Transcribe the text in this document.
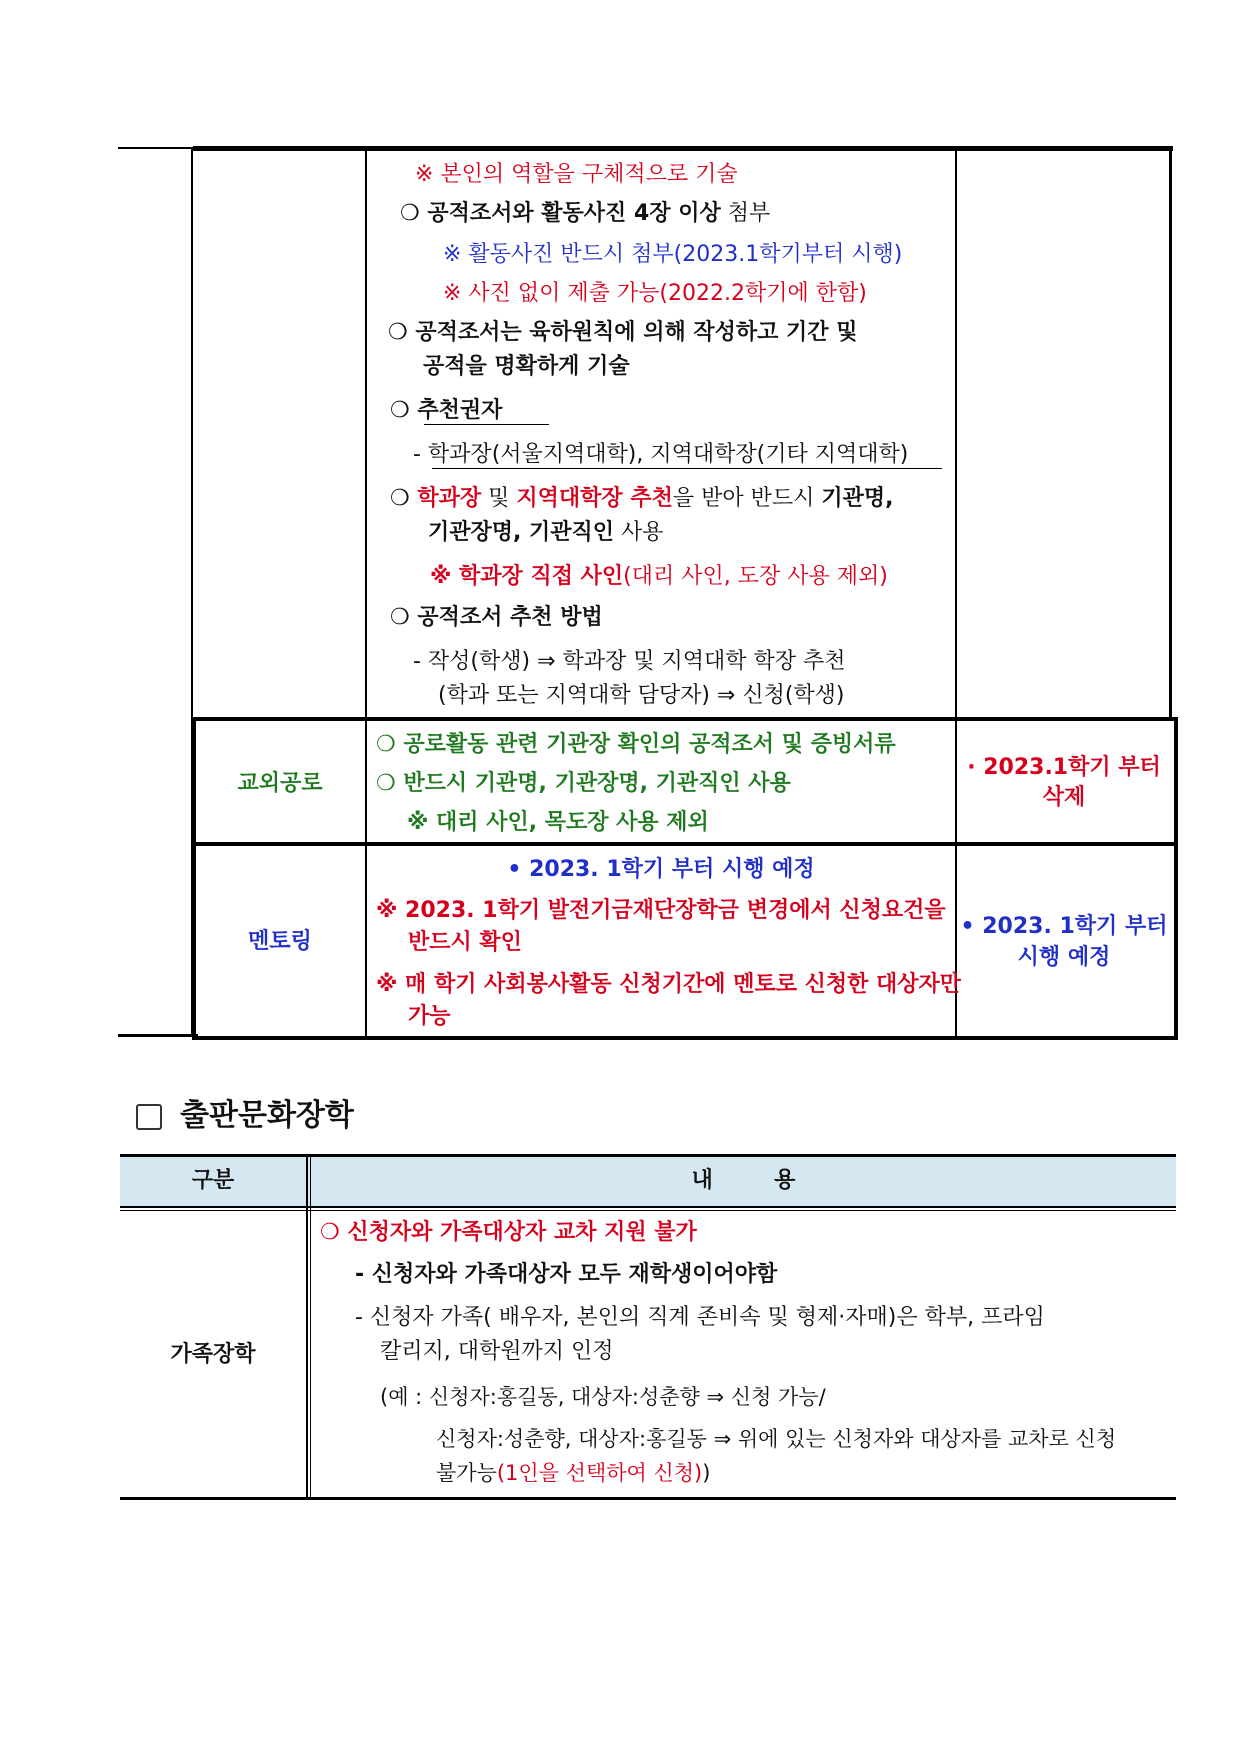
※ 본인의 역할을 구체적으로 기술
❍ 공적조서와 활동사진 4장 이상 첨부
※ 활동사진 반드시 첨부(2023.1학기부터 시행)
※ 사진 없이 제출 가능(2022.2학기에 한함)
❍ 공적조서는 육하원칙에 의해 작성하고 기간 및
공적을 명확하게 기술
❍ 추천권자
- 학과장(서울지역대학), 지역대학장(기타 지역대학)
❍ 학과장 및 지역대학장 추천을 받아 반드시 기관명,
기관장명, 기관직인 사용
※ 학과장 직접 사인(대리 사인, 도장 사용 제외)
❍ 공적조서 추천 방법
- 작성(학생) ⇒ 학과장 및 지역대학 학장 추천
(학과 또는 지역대학 담당자) ⇒ 신청(학생)
교외공로
❍ 공로활동 관련 기관장 확인의 공적조서 및 증빙서류
❍ 반드시 기관명, 기관장명, 기관직인 사용
※ 대리 사인, 목도장 사용 제외
· 2023.1학기 부터
삭제
멘토링
• 2023. 1학기 부터 시행 예정
※ 2023. 1학기 발전기금재단장학금 변경에서 신청요건을
반드시 확인
※ 매 학기 사회봉사활동 신청기간에 멘토로 신청한 대상자만
가능
• 2023. 1학기 부터
시행 예정
출판문화장학
구분	내        용
가족장학
❍ 신청자와 가족대상자 교차 지원 불가
- 신청자와 가족대상자 모두 재학생이어야함
- 신청자 가족( 배우자, 본인의 직계 존비속 및 형제·자매)은 학부, 프라임
칼리지, 대학원까지 인정
(예 : 신청자:홍길동, 대상자:성춘향 ⇒ 신청 가능/
신청자:성춘향, 대상자:홍길동 ⇒ 위에 있는 신청자와 대상자를 교차로 신청
불가능(1인을 선택하여 신청))
